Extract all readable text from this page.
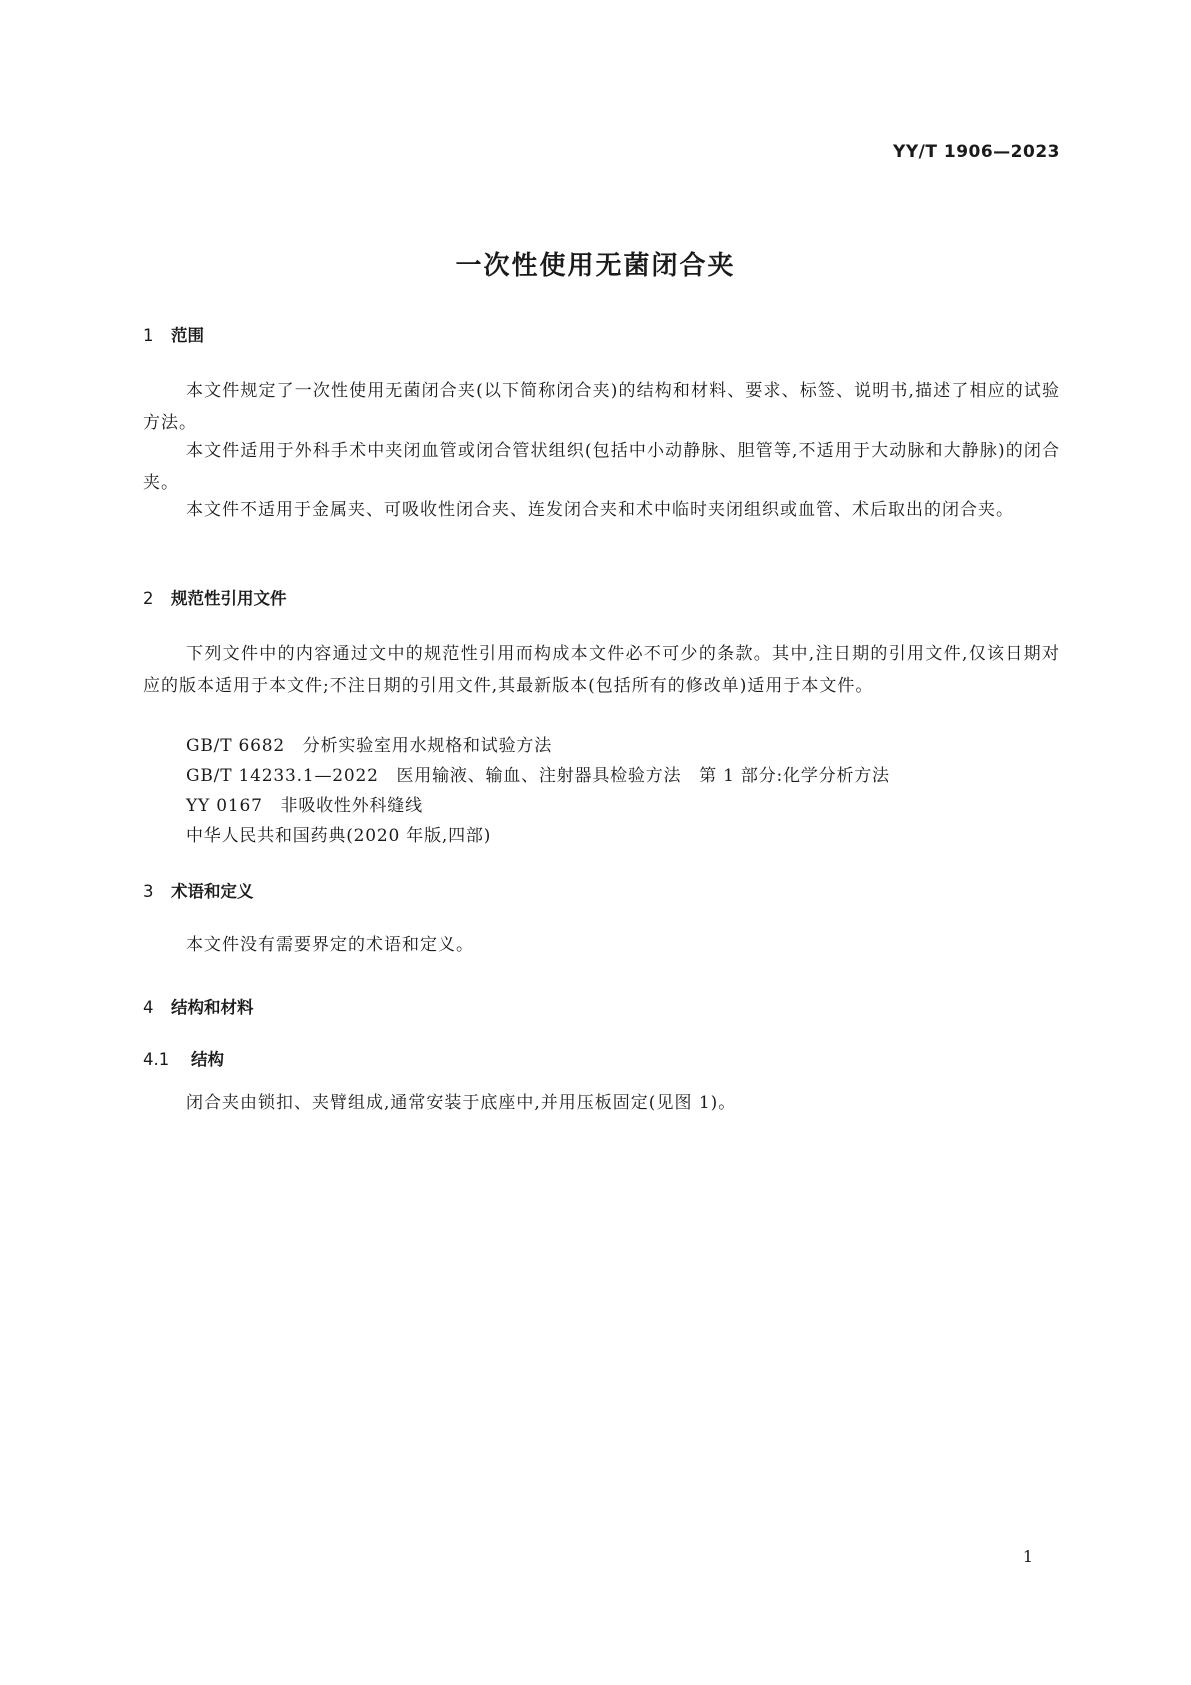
YY/T 1906—2023
一次性使用无菌闭合夹
1 范围
本文件规定了一次性使用无菌闭合夹(以下简称闭合夹)的结构和材料、要求、标签、说明书,描述了相应的试验方法。
本文件适用于外科手术中夹闭血管或闭合管状组织(包括中小动静脉、胆管等,不适用于大动脉和大静脉)的闭合夹。
本文件不适用于金属夹、可吸收性闭合夹、连发闭合夹和术中临时夹闭组织或血管、术后取出的闭合夹。
2 规范性引用文件
下列文件中的内容通过文中的规范性引用而构成本文件必不可少的条款。其中,注日期的引用文件,仅该日期对应的版本适用于本文件;不注日期的引用文件,其最新版本(包括所有的修改单)适用于本文件。
GB/T 6682　分析实验室用水规格和试验方法
GB/T 14233.1—2022　医用输液、输血、注射器具检验方法　第 1 部分:化学分析方法
YY 0167　非吸收性外科缝线
中华人民共和国药典(2020 年版,四部)
3 术语和定义
本文件没有需要界定的术语和定义。
4 结构和材料
4.1 结构
闭合夹由锁扣、夹臂组成,通常安装于底座中,并用压板固定(见图 1)。
1
